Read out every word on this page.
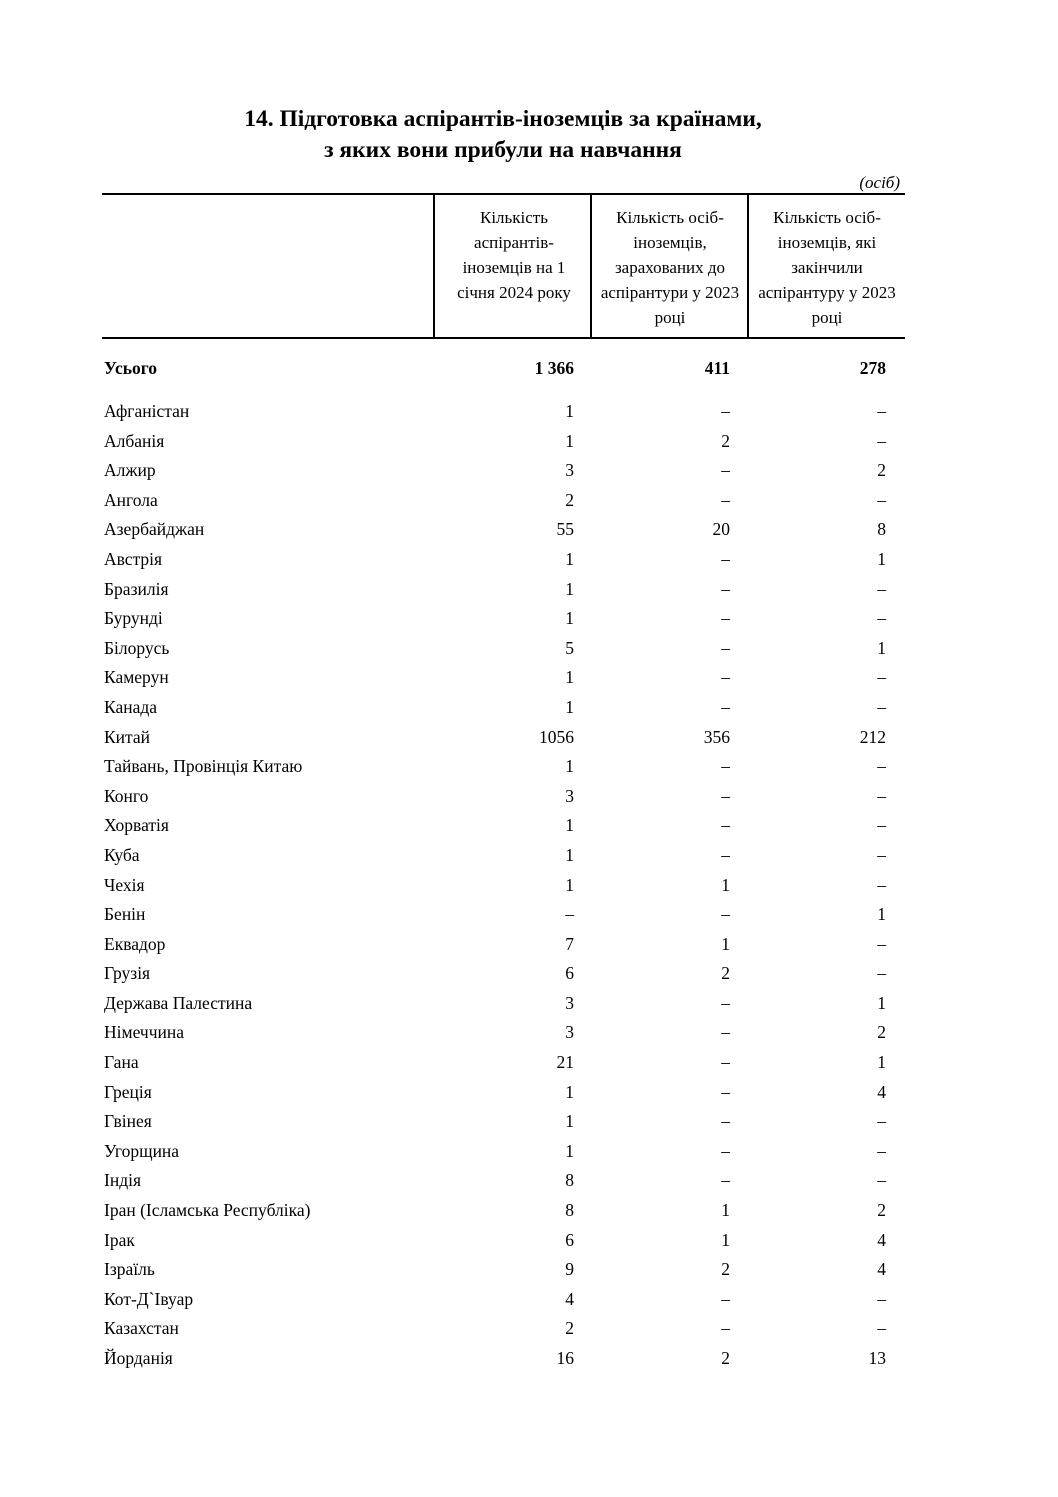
14. Підготовка аспірантів-іноземців за країнами,
з яких вони прибули на навчання
(осіб)
Кількість аспірантів-іноземців на 1 січня 2024 року
Кількість осіб-іноземців, зарахованих до аспірантури у 2023 році
Кількість осіб-іноземців, які закінчили аспірантуру у 2023 році
Усього	1 366	411	278
Афганістан	1	–	–
Албанія	1	2	–
Алжир	3	–	2
Ангола	2	–	–
Азербайджан	55	20	8
Австрія	1	–	1
Бразилія	1	–	–
Бурунді	1	–	–
Білорусь	5	–	1
Камерун	1	–	–
Канада	1	–	–
Китай	1056	356	212
Тайвань, Провінція Китаю	1	–	–
Конго	3	–	–
Хорватія	1	–	–
Куба	1	–	–
Чехія	1	1	–
Бенін	–	–	1
Еквадор	7	1	–
Грузія	6	2	–
Держава Палестина	3	–	1
Німеччина	3	–	2
Гана	21	–	1
Греція	1	–	4
Гвінея	1	–	–
Угорщина	1	–	–
Індія	8	–	–
Іран (Ісламська Республіка)	8	1	2
Ірак	6	1	4
Ізраїль	9	2	4
Кот-Д`Івуар	4	–	–
Казахстан	2	–	–
Йорданія	16	2	13
